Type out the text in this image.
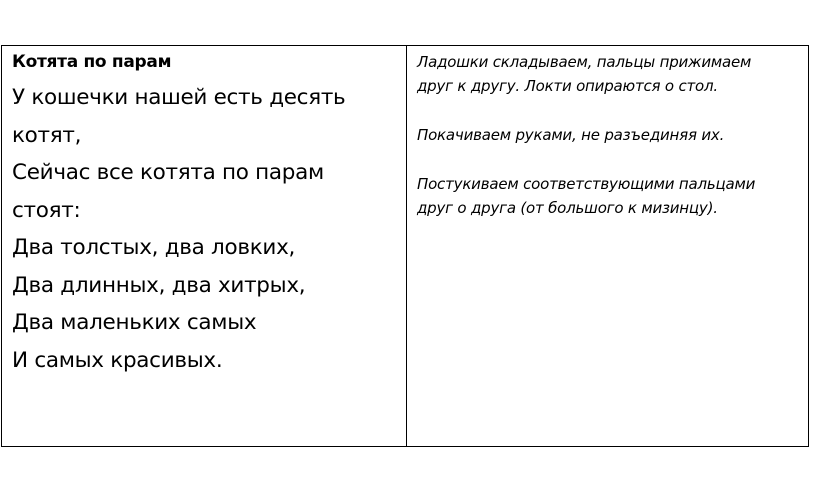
Котята по парам
У кошечки нашей есть десять
котят,
Сейчас все котята по парам
стоят:
Два толстых, два ловких,
Два длинных, два хитрых,
Два маленьких самых
И самых красивых.

Ладошки складываем, пальцы прижимаем
друг к другу. Локти опираются о стол.

Покачиваем руками, не разъединяя их.

Постукиваем соответствующими пальцами
друг о друга (от большого к мизинцу).
